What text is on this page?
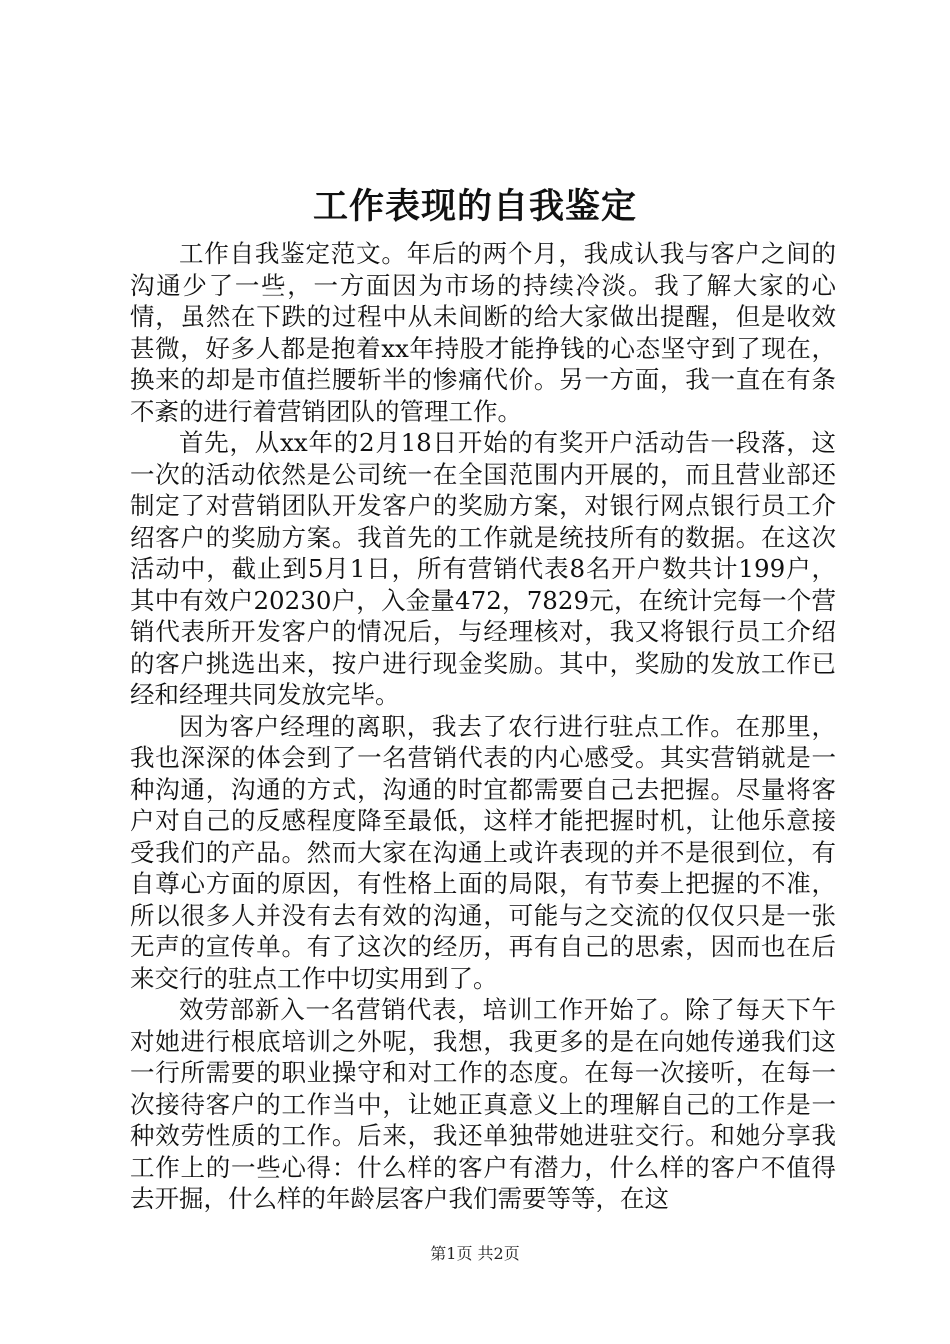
工作表现的自我鉴定

工作自我鉴定范文。年后的两个月，我成认我与客户之间的沟通少了一些，一方面因为市场的持续冷淡。我了解大家的心情，虽然在下跌的过程中从未间断的给大家做出提醒，但是收效甚微，好多人都是抱着xx年持股才能挣钱的心态坚守到了现在，换来的却是市值拦腰斩半的惨痛代价。另一方面，我一直在有条不紊的进行着营销团队的管理工作。

首先，从xx年的2月18日开始的有奖开户活动告一段落，这一次的活动依然是公司统一在全国范围内开展的，而且营业部还制定了对营销团队开发客户的奖励方案，对银行网点银行员工介绍客户的奖励方案。我首先的工作就是统技所有的数据。在这次活动中，截止到5月1日，所有营销代表8名开户数共计199户，其中有效户20230户，入金量472，7829元，在统计完每一个营销代表所开发客户的情况后，与经理核对，我又将银行员工介绍的客户挑选出来，按户进行现金奖励。其中，奖励的发放工作已经和经理共同发放完毕。

因为客户经理的离职，我去了农行进行驻点工作。在那里，我也深深的体会到了一名营销代表的内心感受。其实营销就是一种沟通，沟通的方式，沟通的时宜都需要自己去把握。尽量将客户对自己的反感程度降至最低，这样才能把握时机，让他乐意接受我们的产品。然而大家在沟通上或许表现的并不是很到位，有自尊心方面的原因，有性格上面的局限，有节奏上把握的不准，所以很多人并没有去有效的沟通，可能与之交流的仅仅只是一张无声的宣传单。有了这次的经历，再有自己的思索，因而也在后来交行的驻点工作中切实用到了。

效劳部新入一名营销代表，培训工作开始了。除了每天下午对她进行根底培训之外呢，我想，我更多的是在向她传递我们这一行所需要的职业操守和对工作的态度。在每一次接听，在每一次接待客户的工作当中，让她正真意义上的理解自己的工作是一种效劳性质的工作。后来，我还单独带她进驻交行。和她分享我工作上的一些心得：什么样的客户有潜力，什么样的客户不值得去开掘，什么样的年龄层客户我们需要等等，在这

第1页 共2页
